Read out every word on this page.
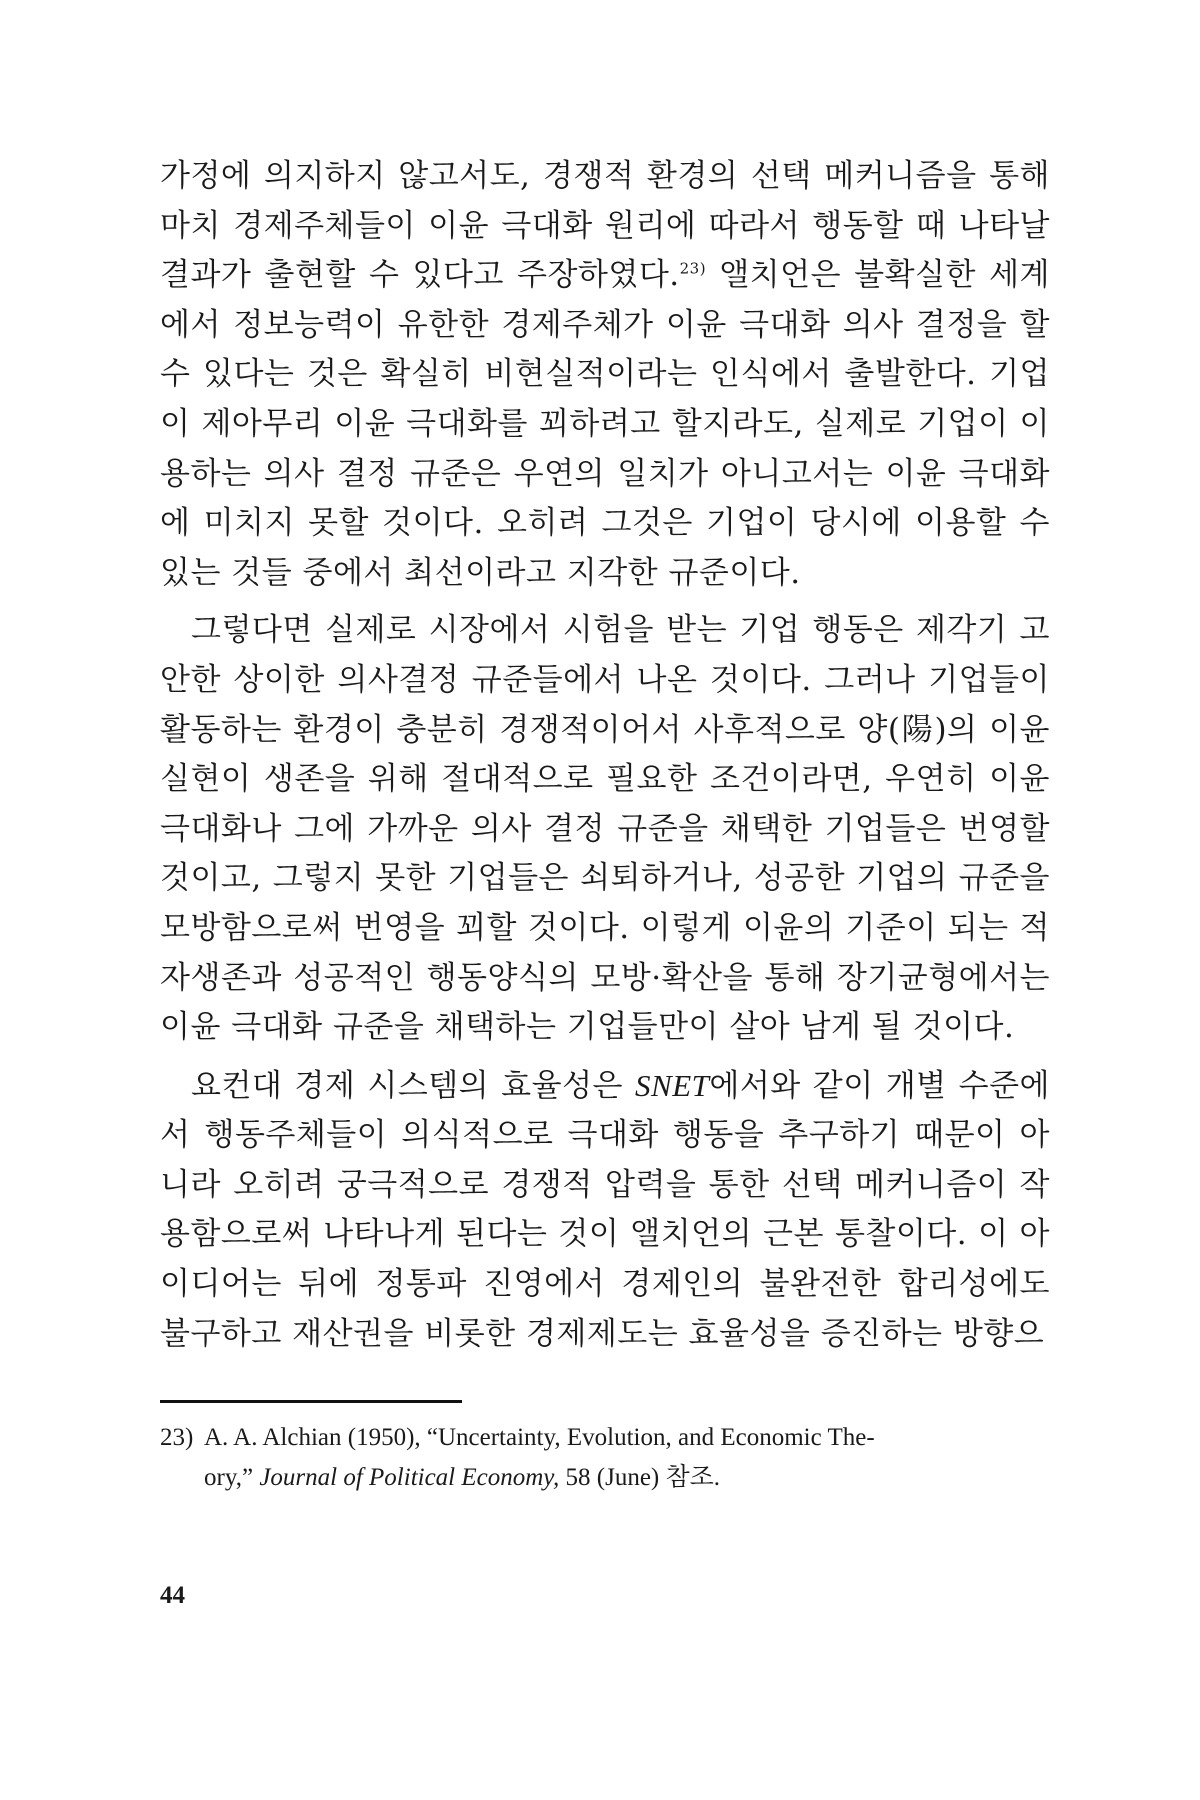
가정에 의지하지 않고서도, 경쟁적 환경의 선택 메커니즘을 통해 마치 경제주체들이 이윤 극대화 원리에 따라서 행동할 때 나타날 결과가 출현할 수 있다고 주장하였다.$^{23)}$ 앨치언은 불확실한 세계에서 정보능력이 유한한 경제주체가 이윤 극대화 의사 결정을 할 수 있다는 것은 확실히 비현실적이라는 인식에서 출발한다. 기업이 제아무리 이윤 극대화를 꾀하려고 할지라도, 실제로 기업이 이용하는 의사 결정 규준은 우연의 일치가 아니고서는 이윤 극대화에 미치지 못할 것이다. 오히려 그것은 기업이 당시에 이용할 수 있는 것들 중에서 최선이라고 지각한 규준이다.

그렇다면 실제로 시장에서 시험을 받는 기업 행동은 제각기 고안한 상이한 의사결정 규준들에서 나온 것이다. 그러나 기업들이 활동하는 환경이 충분히 경쟁적이어서 사후적으로 양(陽)의 이윤 실현이 생존을 위해 절대적으로 필요한 조건이라면, 우연히 이윤 극대화나 그에 가까운 의사 결정 규준을 채택한 기업들은 번영할 것이고, 그렇지 못한 기업들은 쇠퇴하거나, 성공한 기업의 규준을 모방함으로써 번영을 꾀할 것이다. 이렇게 이윤의 기준이 되는 적자생존과 성공적인 행동양식의 모방·확산을 통해 장기균형에서는 이윤 극대화 규준을 채택하는 기업들만이 살아 남게 될 것이다.

요컨대 경제 시스템의 효율성은 SNET에서와 같이 개별 수준에서 행동주체들이 의식적으로 극대화 행동을 추구하기 때문이 아니라 오히려 궁극적으로 경쟁적 압력을 통한 선택 메커니즘이 작용함으로써 나타나게 된다는 것이 앨치언의 근본 통찰이다. 이 아이디어는 뒤에 정통파 진영에서 경제인의 불완전한 합리성에도 불구하고 재산권을 비롯한 경제제도는 효율성을 증진하는 방향으

23) A. A. Alchian (1950), “Uncertainty, Evolution, and Economic The-
ory,” Journal of Political Economy, 58 (June) 참조.
44
